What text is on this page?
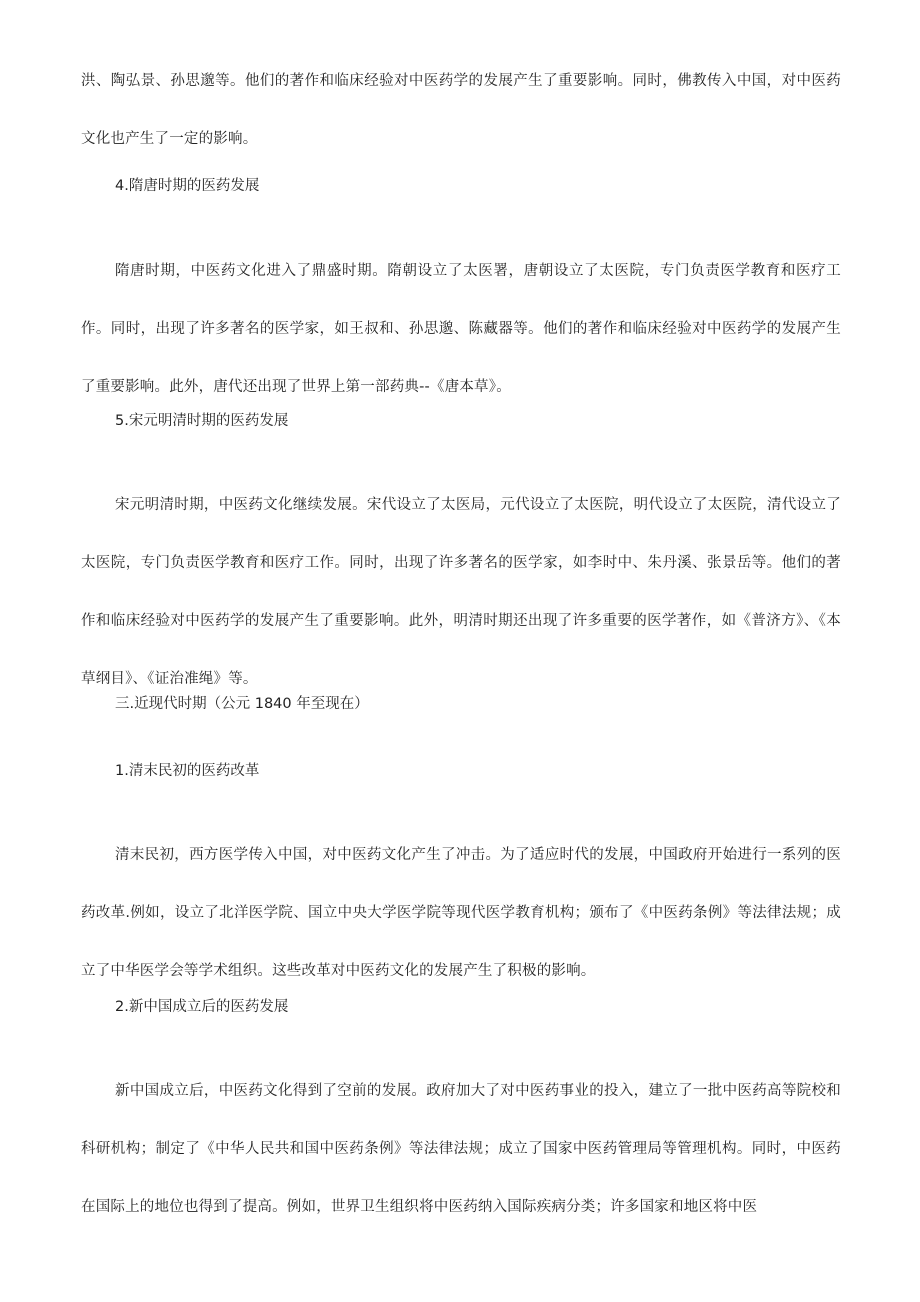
洪、陶弘景、孙思邈等。他们的著作和临床经验对中医药学的发展产生了重要影响。同时，佛教传入中国，对中医药文化也产生了一定的影响。

4.隋唐时期的医药发展

隋唐时期，中医药文化进入了鼎盛时期。隋朝设立了太医署，唐朝设立了太医院，专门负责医学教育和医疗工作。同时，出现了许多著名的医学家，如王叔和、孙思邈、陈藏器等。他们的著作和临床经验对中医药学的发展产生了重要影响。此外，唐代还出现了世界上第一部药典--《唐本草》。

5.宋元明清时期的医药发展

宋元明清时期，中医药文化继续发展。宋代设立了太医局，元代设立了太医院，明代设立了太医院，清代设立了太医院，专门负责医学教育和医疗工作。同时，出现了许多著名的医学家，如李时中、朱丹溪、张景岳等。他们的著作和临床经验对中医药学的发展产生了重要影响。此外，明清时期还出现了许多重要的医学著作，如《普济方》、《本草纲目》、《证治准绳》等。

三.近现代时期（公元 1840 年至现在）

1.清末民初的医药改革

清末民初，西方医学传入中国，对中医药文化产生了冲击。为了适应时代的发展，中国政府开始进行一系列的医药改革.例如，设立了北洋医学院、国立中央大学医学院等现代医学教育机构；颁布了《中医药条例》等法律法规；成立了中华医学会等学术组织。这些改革对中医药文化的发展产生了积极的影响。

2.新中国成立后的医药发展

新中国成立后，中医药文化得到了空前的发展。政府加大了对中医药事业的投入，建立了一批中医药高等院校和科研机构；制定了《中华人民共和国中医药条例》等法律法规；成立了国家中医药管理局等管理机构。同时，中医药在国际上的地位也得到了提高。例如，世界卫生组织将中医药纳入国际疾病分类；许多国家和地区将中医
